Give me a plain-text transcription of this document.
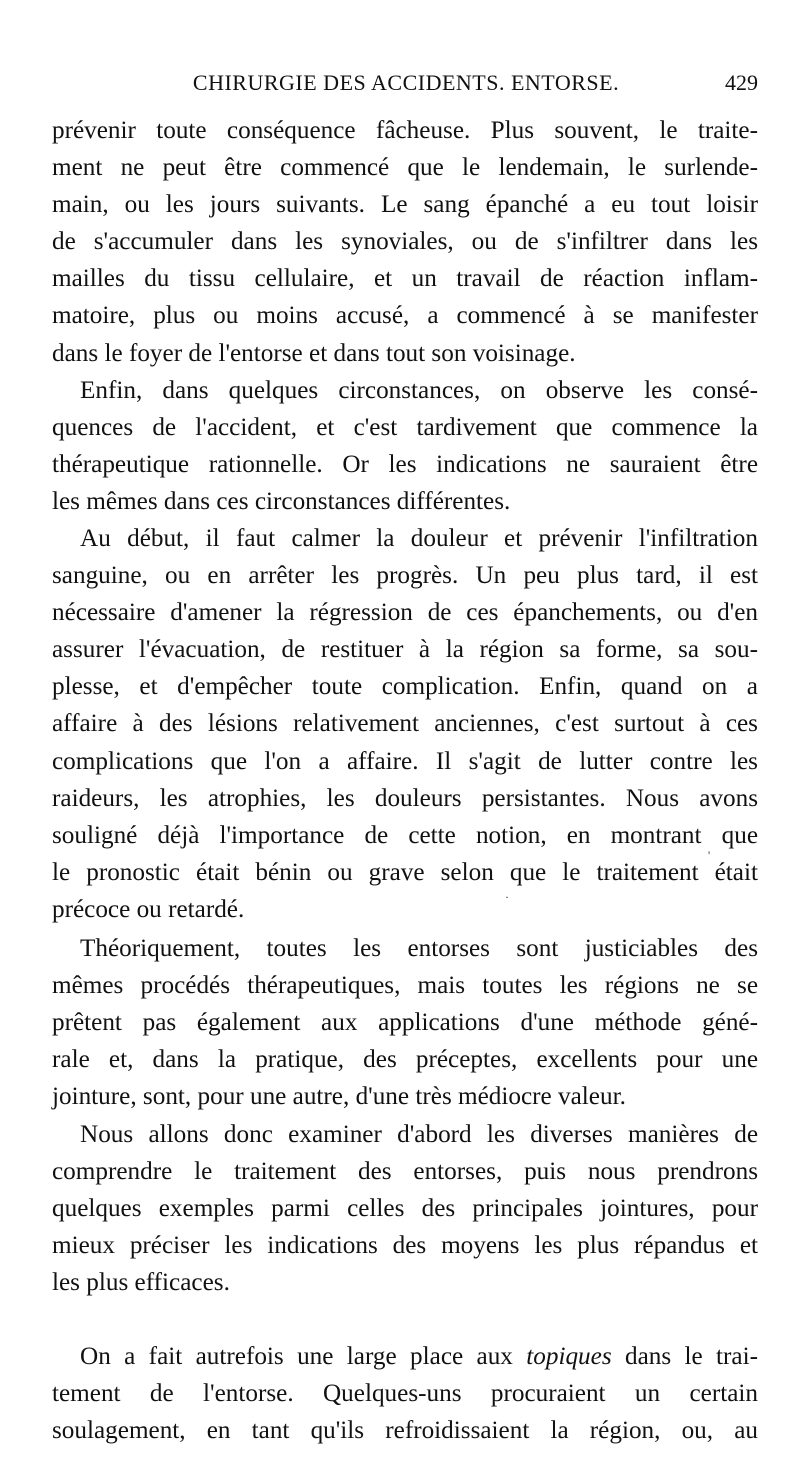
CHIRURGIE DES ACCIDENTS. ENTORSE.	429
prévenir toute conséquence fâcheuse. Plus souvent, le traite-
ment ne peut être commencé que le lendemain, le surlende-
main, ou les jours suivants. Le sang épanché a eu tout loisir
de s'accumuler dans les synoviales, ou de s'infiltrer dans les
mailles du tissu cellulaire, et un travail de réaction inflam-
matoire, plus ou moins accusé, a commencé à se manifester
dans le foyer de l'entorse et dans tout son voisinage.
Enfin, dans quelques circonstances, on observe les consé-
quences de l'accident, et c'est tardivement que commence la
thérapeutique rationnelle. Or les indications ne sauraient être
les mêmes dans ces circonstances différentes.
Au début, il faut calmer la douleur et prévenir l'infiltration
sanguine, ou en arrêter les progrès. Un peu plus tard, il est
nécessaire d'amener la régression de ces épanchements, ou d'en
assurer l'évacuation, de restituer à la région sa forme, sa sou-
plesse, et d'empêcher toute complication. Enfin, quand on a
affaire à des lésions relativement anciennes, c'est surtout à ces
complications que l'on a affaire. Il s'agit de lutter contre les
raideurs, les atrophies, les douleurs persistantes. Nous avons
souligné déjà l'importance de cette notion, en montrant que
le pronostic était bénin ou grave selon que le traitement était
précoce ou retardé.
'
·
Théoriquement, toutes les entorses sont justiciables des
mêmes procédés thérapeutiques, mais toutes les régions ne se
prêtent pas également aux applications d'une méthode géné-
rale et, dans la pratique, des préceptes, excellents pour une
jointure, sont, pour une autre, d'une très médiocre valeur.
Nous allons donc examiner d'abord les diverses manières de
comprendre le traitement des entorses, puis nous prendrons
quelques exemples parmi celles des principales jointures, pour
mieux préciser les indications des moyens les plus répandus et
les plus efficaces.
On a fait autrefois une large place aux topiques dans le trai-
tement de l'entorse. Quelques-uns procuraient un certain
soulagement, en tant qu'ils refroidissaient la région, ou, au
